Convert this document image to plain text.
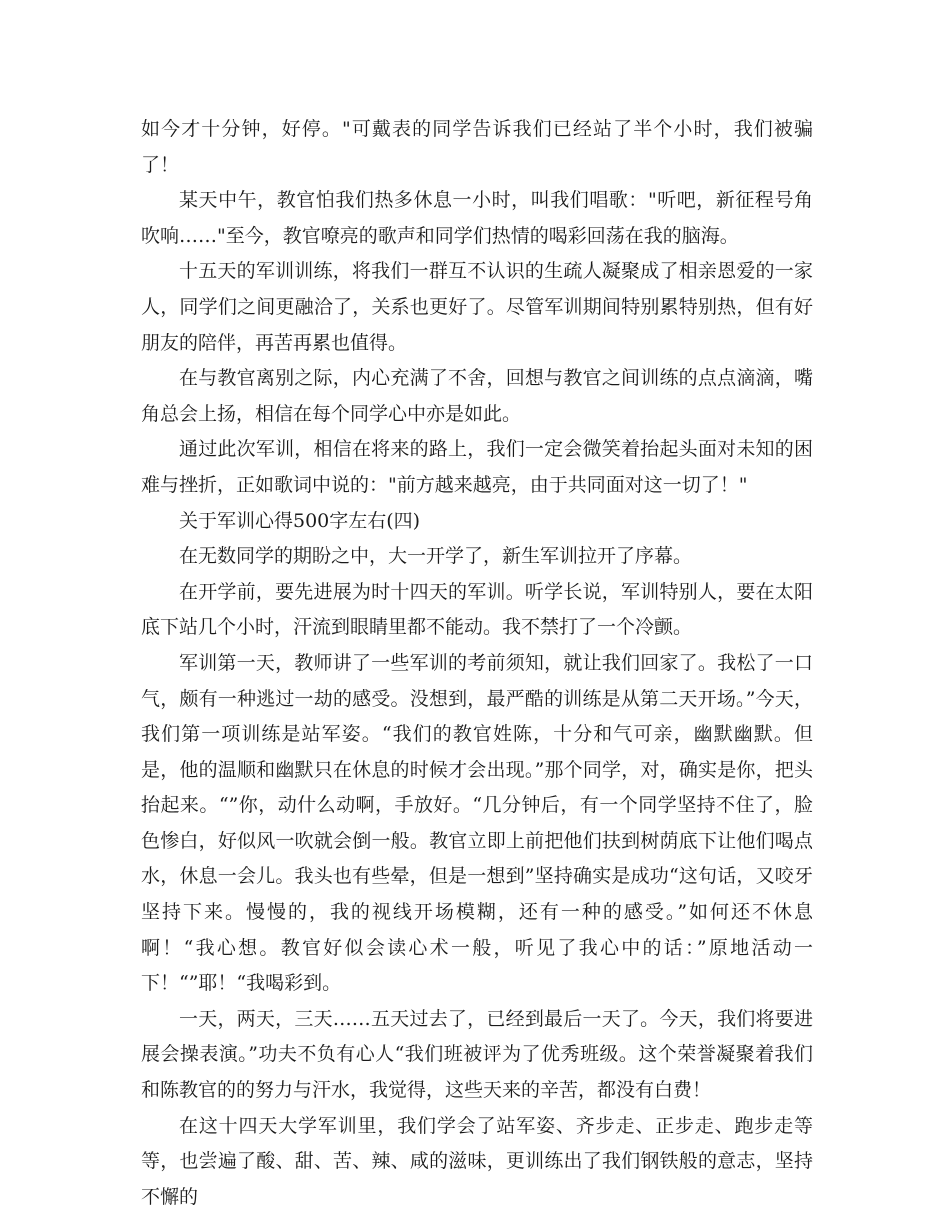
如今才十分钟，好停。"可戴表的同学告诉我们已经站了半个小时，我们被骗了！

某天中午，教官怕我们热多休息一小时，叫我们唱歌："听吧，新征程号角吹响……"至今，教官嘹亮的歌声和同学们热情的喝彩回荡在我的脑海。

十五天的军训训练，将我们一群互不认识的生疏人凝聚成了相亲恩爱的一家人，同学们之间更融洽了，关系也更好了。尽管军训期间特别累特别热，但有好朋友的陪伴，再苦再累也值得。

在与教官离别之际，内心充满了不舍，回想与教官之间训练的点点滴滴，嘴角总会上扬，相信在每个同学心中亦是如此。

通过此次军训，相信在将来的路上，我们一定会微笑着抬起头面对未知的困难与挫折，正如歌词中说的："前方越来越亮，由于共同面对这一切了！"

关于军训心得500字左右(四)

在无数同学的期盼之中，大一开学了，新生军训拉开了序幕。

在开学前，要先进展为时十四天的军训。听学长说，军训特别人，要在太阳底下站几个小时，汗流到眼睛里都不能动。我不禁打了一个冷颤。

军训第一天，教师讲了一些军训的考前须知，就让我们回家了。我松了一口气，颇有一种逃过一劫的感受。没想到，最严酷的训练是从第二天开场。”今天，我们第一项训练是站军姿。“我们的教官姓陈，十分和气可亲，幽默幽默。但是，他的温顺和幽默只在休息的时候才会出现。”那个同学，对，确实是你，把头抬起来。“”你，动什么动啊，手放好。“几分钟后，有一个同学坚持不住了，脸色惨白，好似风一吹就会倒一般。教官立即上前把他们扶到树荫底下让他们喝点水，休息一会儿。我头也有些晕，但是一想到”坚持确实是成功“这句话，又咬牙坚持下来。慢慢的，我的视线开场模糊，还有一种的感受。”如何还不休息啊！“我心想。教官好似会读心术一般，听见了我心中的话：”原地活动一下！“”耶！“我喝彩到。

一天，两天，三天……五天过去了，已经到最后一天了。今天，我们将要进展会操表演。”功夫不负有心人“我们班被评为了优秀班级。这个荣誉凝聚着我们和陈教官的的努力与汗水，我觉得，这些天来的辛苦，都没有白费！

在这十四天大学军训里，我们学会了站军姿、齐步走、正步走、跑步走等等，也尝遍了酸、甜、苦、辣、咸的滋味，更训练出了我们钢铁般的意志，坚持不懈的
